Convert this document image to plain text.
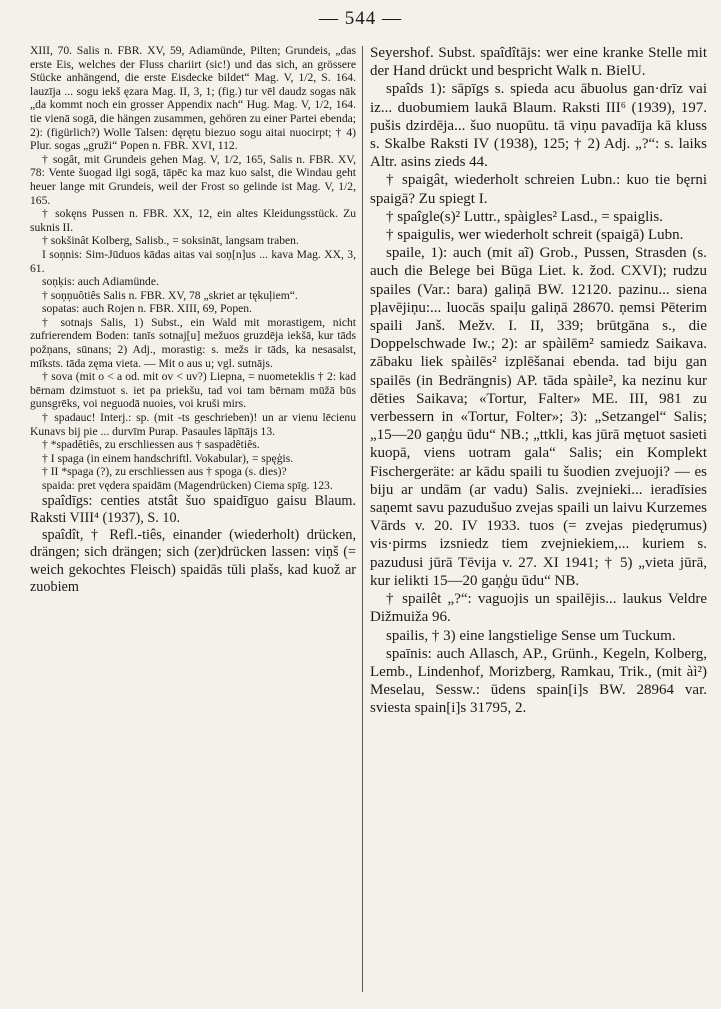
— 544 —

XIII, 70. Salis n. FBR. XV, 59, Adiamünde, Pilten; Grundeis, „das erste Eis, welches der Fluss chariirt (sic!) und das sich, an grössere Stücke anhängend, die erste Eisdecke bildet“ Mag. V, 1/2, S. 164. lauzīja ... sogu iekš ęzara Mag. II, 3, 1; (fig.) tur vēl daudz sogas nāk „da kommt noch ein grosser Appendix nach“ Hug. Mag. V, 1/2, 164. tie vienā sogā, die hängen zusammen, gehören zu einer Partei ebenda; 2): (figürlich?) Wolle Talsen: dęrętu biezuo sogu aitai nuocirpt; † 4) Plur. sogas „gruži“ Popen n. FBR. XVI, 112.

† sogât, mit Grundeis gehen Mag. V, 1/2, 165, Salis n. FBR. XV, 78: Vente šuogad ilgi sogā, tāpēc ka maz kuo salst, die Windau geht heuer lange mit Grundeis, weil der Frost so gelinde ist Mag. V, 1/2, 165.

† sokęns Pussen n. FBR. XX, 12, ein altes Kleidungsstück. Zu suknis II.

† sokšinât Kolberg, Salisb., = soksināt, langsam traben.

I soņnis: Sim-Jūduos kādas aitas vai soņ[n]us ... kava Mag. XX, 3, 61.

soņķis: auch Adiamünde.

† soņņuôtiês Salis n. FBR. XV, 78 „skriet ar tękuļiem“.

sopatas: auch Rojen n. FBR. XIII, 69, Popen.

† sotnajs Salis, 1) Subst., ein Wald mit morastigem, nicht zufrierendem Boden: tanīs sotnaj[u] mežuos gruzdēja iekšā, kur tāds požņans, sūnans; 2) Adj., morastig: s. mežs ir tāds, ka nesasalst, mīksts. tāda zęma vieta. — Mit o aus u; vgl. sutnājs.

† sova (mit o < a od. mit ov < uv?) Liepna, = nuometeklis † 2: kad bērnam dzimstuot s. iet pa priekšu, tad voi tam bērnam mūžā būs gunsgrēks, voi neguodā nuoies, voi kruši mirs.

† spadauc! Interj.: sp. (mit -ts geschrieben)! un ar vienu lēcienu Kunavs bij pie ... durvīm Purap. Pasaules lāpītājs 13.

† *spadêtiês, zu erschliessen aus † saspadêtiês.

† I spaga (in einem handschriftl. Vokabular), = spęģis.

† II *spaga (?), zu erschliessen aus † sроga (s. dies)?

spaida: pret vędera spaidām (Magendrücken) Ciema spīg. 123.

spaîdīgs: centies atstât šuo spaidīguo gaisu Blaum. Raksti VIII⁴ (1937), S. 10.

spaîdît, † Refl.-tiês, einander (wiederholt) drücken, drängen; sich drängen; sich (zer)drücken lassen: viņš (= weich gekochtes Fleisch) spaidās tūli plašs, kad kuož ar zuobiem

Seyershof. Subst. spaîdîtājs: wer eine kranke Stelle mit der Hand drückt und bespricht Walk n. BielU.

spaîds 1): sāpīgs s. spieda acu ābuolus gan·drīz vai iz... duobumiem laukā Blaum. Raksti III⁶ (1939), 197. pušis dzirdēja... šuo nuopūtu. tā viņu pavadīja kā kluss s. Skalbe Raksti IV (1938), 125; † 2) Adj. „?“: s. laiks Altr. asins zieds 44.

† spaigât, wiederholt schreien Lubn.: kuo tie bęrni spaigā? Zu spiegt I.

† spaîgle(s)² Luttr., spàigles² Lasd., = spaiglis.

† spaigulis, wer wiederholt schreit (spaigā) Lubn.

spaile, 1): auch (mit aĩ) Grob., Pussen, Strasden (s. auch die Belege bei Būga Liet. k. žod. CXVI); rudzu spailes (Var.: bara) galiņā BW. 12120. pazinu... siena pļavējiņu:... luocās spaiļu galiņā 28670. ņemsi Pēterim spaili Janš. Mežv. I. II, 339; brūtgāna s., die Doppelschwade Iw.; 2): ar spàilēm² samiedz Saikava. zābaku liek spàilēs² izplēšanai ebenda. tad biju gan spailēs (in Bedrängnis) AP. tāda spàile², ka nezinu kur dēties Saikava; «Tortur, Falter» ME. III, 981 zu verbessern in «Tortur, Folter»; 3): „Setzangel“ Salis; „15—20 gaņģu ūdu“ NB.; „ttkli, kas jūrā mętuot sasieti kuopā, viens uotram gala“ Salis; ein Komplekt Fischergeräte: ar kādu spaili tu šuodien zvejuoji? — es biju ar undām (ar vadu) Salis. zvejnieki... ieradīsies saņemt savu pazudušuo zvejas spaili un laivu Kurzemes Vārds v. 20. IV 1933. tuos (= zvejas piedęrumus) vis·pirms izsniedz tiem zvejniekiem,... kuriem s. pazudusi jūrā Tēvija v. 27. XI 1941; † 5) „vieta jūrā, kur ielikti 15—20 gaņģu ūdu“ NB.

† spailêt „?“: vaguojis un spailējis... laukus Veldre Dižmuiža 96.

spailis, † 3) eine langstielige Sense um Tuckum.

spaīnis: auch Allasch, AP., Grünh., Kegeln, Kolberg, Lemb., Lindenhof, Morizberg, Ramkau, Trik., (mit àì²) Meselau, Sessw.: ūdens spain[i]s BW. 28964 var. sviesta spain[i]s 31795, 2.
